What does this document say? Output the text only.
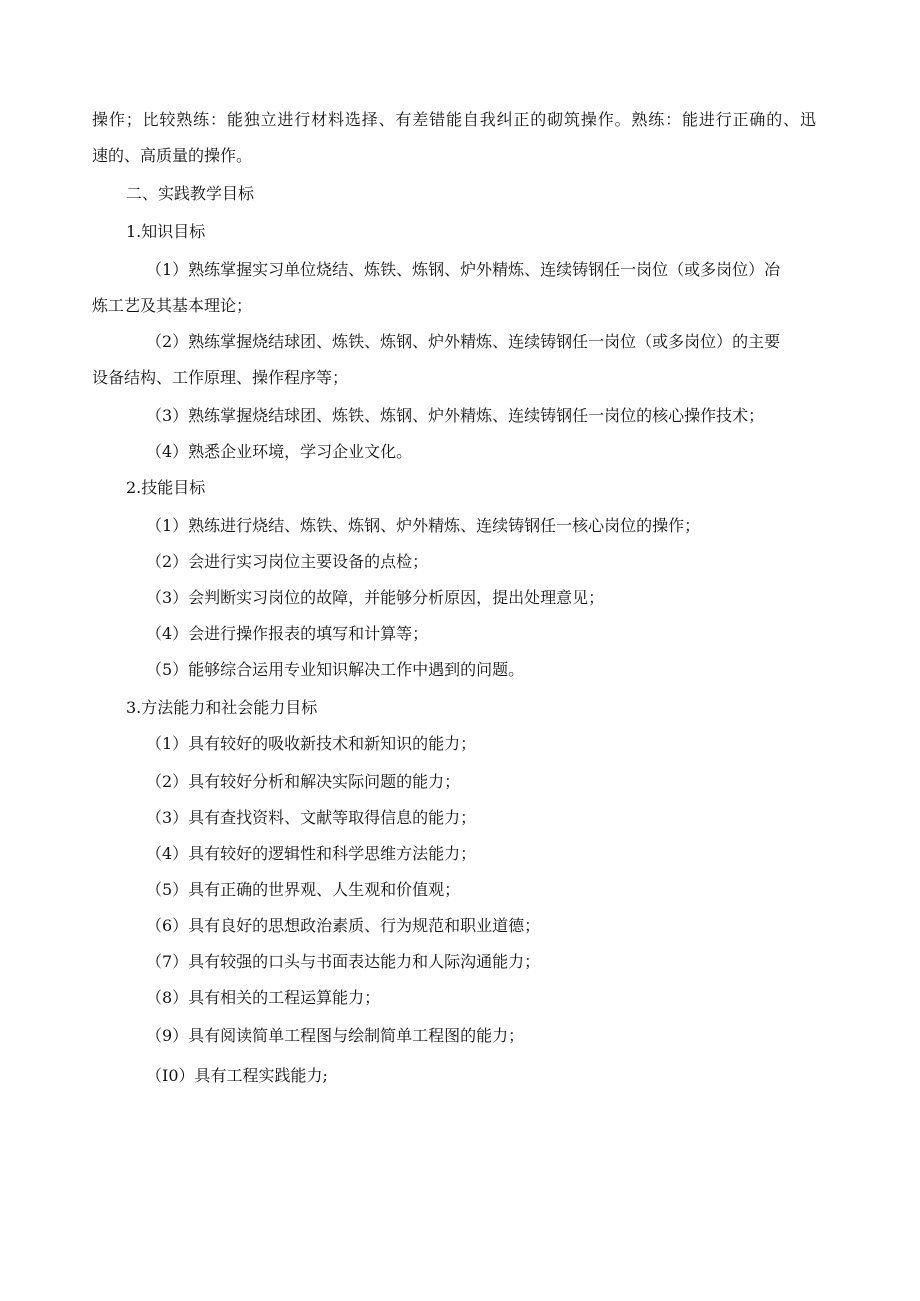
操作；比较熟练：能独立进行材料选择、有差错能自我纠正的砌筑操作。熟练：能进行正确的、迅
速的、高质量的操作。
二、实践教学目标
1.知识目标
（1）熟练掌握实习单位烧结、炼铁、炼钢、炉外精炼、连续铸钢任一岗位（或多岗位）冶
炼工艺及其基本理论；
（2）熟练掌握烧结球团、炼铁、炼钢、炉外精炼、连续铸钢任一岗位（或多岗位）的主要
设备结构、工作原理、操作程序等；
（3）熟练掌握烧结球团、炼铁、炼钢、炉外精炼、连续铸钢任一岗位的核心操作技术；
（4）熟悉企业环境，学习企业文化。
2.技能目标
（1）熟练进行烧结、炼铁、炼钢、炉外精炼、连续铸钢任一核心岗位的操作；
（2）会进行实习岗位主要设备的点检；
（3）会判断实习岗位的故障，并能够分析原因，提出处理意见；
（4）会进行操作报表的填写和计算等；
（5）能够综合运用专业知识解决工作中遇到的问题。
3.方法能力和社会能力目标
（1）具有较好的吸收新技术和新知识的能力；
（2）具有较好分析和解决实际问题的能力；
（3）具有查找资料、文献等取得信息的能力；
（4）具有较好的逻辑性和科学思维方法能力；
（5）具有正确的世界观、人生观和价值观；
（6）具有良好的思想政治素质、行为规范和职业道德；
（7）具有较强的口头与书面表达能力和人际沟通能力；
（8）具有相关的工程运算能力；
（9）具有阅读简单工程图与绘制简单工程图的能力；
（I0）具有工程实践能力;
